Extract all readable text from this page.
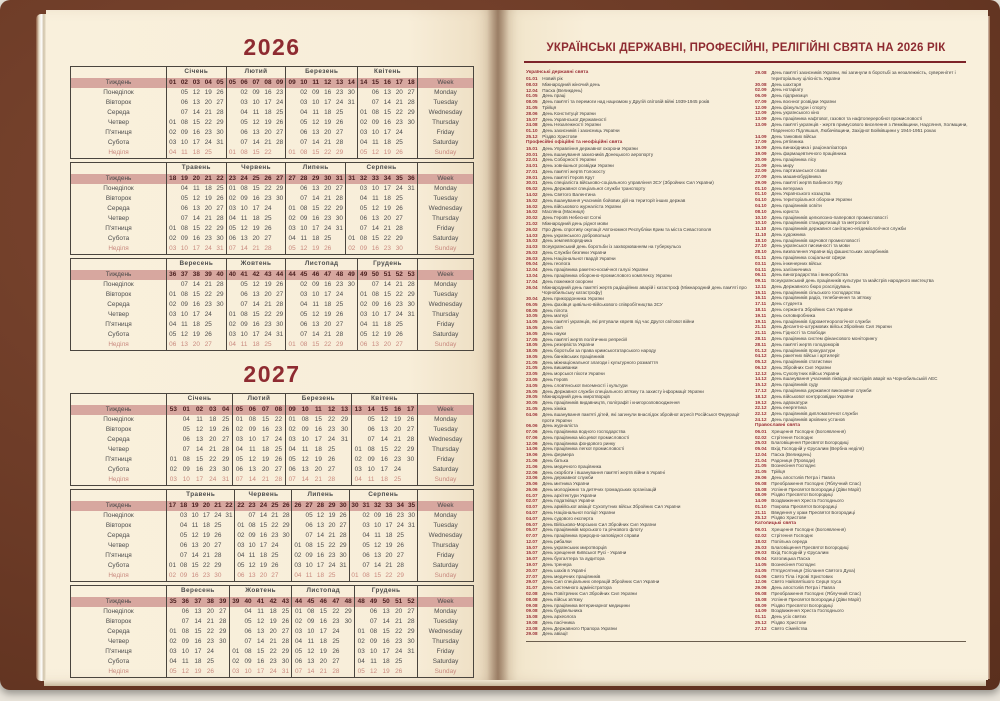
2026
	Січень					Лютий					Березень						Квітень					
Тиждень	01	02	03	04	05	05	06	07	08	09	09	10	11	12	13	14	14	15	16	17	18	Week
Понеділок		05	12	19	26		02	09	16	23		02	09	16	23	30		06	13	20	27	Monday
Вівторок		06	13	20	27		03	10	17	24		03	10	17	24	31		07	14	21	28	Tuesday
Середа		07	14	21	28		04	11	18	25		04	11	18	25		01	08	15	22	29	Wednesday
Четвер	01	08	15	22	29		05	12	19	26		05	12	19	26		02	09	16	23	30	Thursday
П'ятниця	02	09	16	23	30		06	13	20	27		06	13	20	27		03	10	17	24		Friday
Субота	03	10	17	24	31		07	14	21	28		07	14	21	28		04	11	18	25		Saturday
Неділя	04	11	18	25		01	08	15	22		01	08	15	22	29		05	12	19	26		Sunday
	Травень					Червень					Липень					Серпень						
Тиждень	18	19	20	21	22	23	24	25	26	27	27	28	29	30	31	31	32	33	34	35	36	Week
Понеділок		04	11	18	25	01	08	15	22	29		06	13	20	27		03	10	17	24	31	Monday
Вівторок		05	12	19	26	02	09	16	23	30		07	14	21	28		04	11	18	25		Tuesday
Середа		06	13	20	27	03	10	17	24		01	08	15	22	29		05	12	19	26		Wednesday
Четвер		07	14	21	28	04	11	18	25		02	09	16	23	30		06	13	20	27		Thursday
П'ятниця	01	08	15	22	29	05	12	19	26		03	10	17	24	31		07	14	21	28		Friday
Субота	02	09	16	23	30	06	13	20	27		04	11	18	25		01	08	15	22	29		Saturday
Неділя	03	10	17	24	31	07	14	21	28		05	12	19	26		02	09	16	23	30		Sunday
	Вересень					Жовтень					Листопад						Грудень					
Тиждень	36	37	38	39	40	40	41	42	43	44	44	45	46	47	48	49	49	50	51	52	53	Week
Понеділок		07	14	21	28		05	12	19	26		02	09	16	23	30		07	14	21	28	Monday
Вівторок	01	08	15	22	29		06	13	20	27		03	10	17	24		01	08	15	22	29	Tuesday
Середа	02	09	16	23	30		07	14	21	28		04	11	18	25		02	09	16	23	30	Wednesday
Четвер	03	10	17	24		01	08	15	22	29		05	12	19	26		03	10	17	24	31	Thursday
П'ятниця	04	11	18	25		02	09	16	23	30		06	13	20	27		04	11	18	25		Friday
Субота	05	12	19	26		03	10	17	24	31		07	14	21	28		05	12	19	26		Saturday
Неділя	06	13	20	27		04	11	18	25		01	08	15	22	29		06	13	20	27		Sunday
2027
	Січень					Лютий				Березень					Квітень					
Тиждень	53	01	02	03	04	05	06	07	08	09	10	11	12	13	13	14	15	16	17	Week
Понеділок		04	11	18	25	01	08	15	22	01	08	15	22	29		05	12	19	26	Monday
Вівторок		05	12	19	26	02	09	16	23	02	09	16	23	30		06	13	20	27	Tuesday
Середа		06	13	20	27	03	10	17	24	03	10	17	24	31		07	14	21	28	Wednesday
Четвер		07	14	21	28	04	11	18	25	04	11	18	25		01	08	15	22	29	Thursday
П'ятниця	01	08	15	22	29	05	12	19	26	05	12	19	26		02	09	16	23	30	Friday
Субота	02	09	16	23	30	06	13	20	27	06	13	20	27		03	10	17	24		Saturday
Неділя	03	10	17	24	31	07	14	21	28	07	14	21	28		04	11	18	25		Sunday
	Травень						Червень					Липень					Серпень						
Тиждень	17	18	19	20	21	22	22	23	24	25	26	26	27	28	29	30	30	31	32	33	34	35	Week
Понеділок		03	10	17	24	31		07	14	21	28		05	12	19	26		02	09	16	23	30	Monday
Вівторок		04	11	18	25		01	08	15	22	29		06	13	20	27		03	10	17	24	31	Tuesday
Середа		05	12	19	26		02	09	16	23	30		07	14	21	28		04	11	18	25		Wednesday
Четвер		06	13	20	27		03	10	17	24		01	08	15	22	29		05	12	19	26		Thursday
П'ятниця		07	14	21	28		04	11	18	25		02	09	16	23	30		06	13	20	27		Friday
Субота	01	08	15	22	29		05	12	19	26		03	10	17	24	31		07	14	21	28		Saturday
Неділя	02	09	16	23	30		06	13	20	27		04	11	18	25		01	08	15	22	29		Sunday
	Вересень					Жовтень					Листопад					Грудень					
Тиждень	35	36	37	38	39	39	40	41	42	43	44	45	46	47	48	48	49	50	51	52	Week
Понеділок		06	13	20	27		04	11	18	25	01	08	15	22	29		06	13	20	27	Monday
Вівторок		07	14	21	28		05	12	19	26	02	09	16	23	30		07	14	21	28	Tuesday
Середа	01	08	15	22	29		06	13	20	27	03	10	17	24		01	08	15	22	29	Wednesday
Четвер	02	09	16	23	30		07	14	21	28	04	11	18	25		02	09	16	23	30	Thursday
П'ятниця	03	10	17	24		01	08	15	22	29	05	12	19	26		03	10	17	24	31	Friday
Субота	04	11	18	25		02	09	16	23	30	06	13	20	27		04	11	18	25		Saturday
Неділя	05	12	19	26		03	10	17	24	31	07	14	21	28		05	12	19	26		Sunday
УКРАЇНСЬКІ ДЕРЖАВНІ, ПРОФЕСІЙНІ, РЕЛІГІЙНІ СВЯТА НА 2026 РІК
Українські державні свята
01.01 Новий рік
08.03 Міжнародний жіночий день
12.04 Пасха (Великдень)
01.05 День праці
08.05 День пам'яті та перемоги над нацизмом у Другій світовій війні 1939-1945 років
31.05 Трійця
28.06 День Конституції України
15.07 День Української Державності
24.08 День Незалежності України
01.10 День захисників і захисниць України
25.12 Різдво Христове
Професійні офіційні та неофіційні свята
15.01 День Управління державної охорони України
20.01 День вшанування захисників Донецького аеропорту
22.01 День Соборності України
24.01 День зовнішньої розвідки України
27.01 День пам'яті жертв Голокосту
29.01 День пам'яті Героїв Крут
30.01 День спеціаліста військово-соціального управління ЗСУ (Збройних Сил України)
05.02 День Державної спеціальної служби транспорту
14.02 День Святого Валентина
15.02 День вшанування учасників бойових дій на території інших держав
16.02 День військового журналіста України
16.02 Масляна (Масниця)
20.02 День Героїв Небесної Сотні
21.02 Міжнародний день рідної мови
26.02 Про День спротиву окупації Автономної Республіки Крим та міста Севастополя
14.03 День українського добровольця
15.03 День землевпорядника
24.03 Всеукраїнський день боротьби із захворюванням на туберкульоз
25.03 День Служби безпеки України
26.03 День Національної гвардії України
05.04 День геолога
12.04 День працівника ракетно-космічної галузі України
13.04 День працівника оборонно-промислового комплексу України
17.04 День пожежної охорони
26.04 Міжнародний день пам'яті жертв радіаційних аварій і катастроф (Міжнародний день пам'яті про Чорнобильську катастрофу)
30.04 День прикордонника України
05.05 День фахівця цивільно-військового співробітництва ЗСУ
08.05 День пілота
10.05 День матері
14.05 День пам'яті українців, які рятували євреїв під час Другої світової війни
15.05 День сім'ї
16.05 День науки
17.05 День пам'яті жертв політичних репресій
18.05 День резервіста України
18.05 День боротьби за права кримськотатарського народу
19.05 День банківських працівників
21.05 День міжнаціональної злагоди і культурного розмаїття
21.05 День вишиванки
23.05 День морської піхоти України
23.05 День Героїв
24.05 День слов'янської писемності і культури
25.05 День Державної служби спеціального зв'язку та захисту інформації України
29.05 Міжнародний день миротворців
30.05 День працівників видавництв, поліграфії і книгорозповсюдження
31.05 День хіміка
04.06 День вшанування пам'яті дітей, які загинули внаслідок збройної агресії Російської Федерації проти України
06.06 День журналіста
07.06 День працівника водного господарства
07.06 День працівника місцевої промисловості
12.06 День працівника фондового ринку
14.06 День працівника легкої промисловості
19.06 День фермера
21.06 День батька
21.06 День медичного працівника
22.06 День скорботи і вшанування пам'яті жертв війни в Україні
23.06 День державної служби
25.06 День митника України
26.06 День молодіжних та дитячих громадських організацій
01.07 День архітектури України
02.07 День податківця України
03.07 День армійської авіації Сухопутних військ Збройних Сил України
04.07 День Національної поліції України
04.07 День судового експерта
05.07 День Військово-Морських Сил Збройних Сил України
05.07 День працівників морського та річкового флоту
07.07 День працівника природно-заповідної справи
12.07 День рибалки
15.07 День українських миротворців
15.07 День хрещення Київської Русі - України
16.07 День бухгалтера та аудитора
19.07 День тренера
20.07 День шахів в Україні
27.07 День медичних працівників
29.07 День Сил спеціальних операцій Збройних Сил України
31.07 День системного адміністратора
02.08 День Повітряних Сил Збройних Сил України
08.08 День військ зв'язку
09.08 День працівника ветеринарної медицини
09.08 День будівельника
15.08 День археолога
19.08 День пасічника
23.08 День Державного Прапора України
29.08 День авіації
29.08 День пам'яті захисників України, які загинули в боротьбі за незалежність, суверенітет і територіальну цілісність України
30.08 День шахтаря
02.09 День нотаріату
06.09 День підприємця
07.09 День воєнної розвідки України
12.09 День фізкультури і спорту
12.09 День українського кіно
13.09 День працівника нафтової, газової та нафтопереробної промисловості
13.09 День пам'яті українців - жертв примусового виселення з Лемківщини, Надсяння, Холмщини, Південного Підляшшя, Любачівщини, Західної Бойківщини у 1944-1951 роках
14.09 День танкових військ
17.09 День рятівника
19.09 День винахідника і раціоналізатора
19.09 День фармацевтичного працівника
20.09 День працівника лісу
21.09 День миру
22.09 День партизанської слави
27.09 День машинобудівника
29.09 День пам'яті жертв Бабиного Яру
01.10 День ветерана
01.10 День Українського козацтва
04.10 День територіальної оборони України
04.10 День працівників освіти
08.10 День юриста
10.10 День працівників целюлозно-паперової промисловості
10.10 День працівників стандартизації та метрології
11.10 День працівників державної санітарно-епідеміологічної служби
11.10 День художника
18.10 День працівників харчової промисловості
27.10 День української писемності та мови
28.10 День визволення України від фашистських загарбників
01.11 День працівника соціальної сфери
03.11 День інженерних військ
04.11 День залізничника
06.11 День виноградарства і виноробства
09.11 Всеукраїнський день працівників культури та майстрів народного мистецтва
12.11 День Державного бюро розслідувань
15.11 День працівників сільського господарства
16.11 День працівників радіо, телебачення та зв'язку
17.11 День студента
18.11 День сержанта Збройних Сил України
19.11 День скловиробника
19.11 День працівників гідрометеорологічної служби
21.11 День Десантно-штурмових військ Збройних Сил України
21.11 День Гідності та Свободи
28.11 День працівника систем фінансового моніторингу
28.11 День пам'яті жертв голодоморів
01.12 День працівників прокуратури
04.12 День ракетних військ і артилерії
05.12 День працівників статистики
06.12 День Збройних Сил України
12.12 День Сухопутних військ України
14.12 День вшанування учасників ліквідації наслідків аварії на Чорнобильській АЕС
15.12 День працівників суду
17.12 День працівника державної виконавчої служби
18.12 День військової контррозвідки України
19.12 День адвокатури
22.12 День енергетика
22.12 День працівників дипломатичної служби
24.12 День працівників архівних установ
Православні свята
06.01 Хрещення Господнє (Богоявлення)
02.02 Стрітення Господнє
25.03 Благовіщення Пресвятої Богородиці
05.04 Вхід Господній у Єрусалим (Вербна неділя)
12.04 Пасха (Великдень)
21.04 Радониця (Проводи)
21.05 Вознесіння Господнє
31.05 Трійця
29.06 День апостолів Петра і Павла
06.08 Преображення Господнє (Яблучний Спас)
15.08 Успіння Пресвятої Богородиці (Діви Марії)
08.09 Різдво Пресвятої Богородиці
14.09 Воздвиження Хреста Господнього
01.10 Покрова Пресвятої Богородиці
21.11 Введення у храм Пресвятої Богородиці
25.12 Різдво Христове
Католицькі свята
06.01 Хрещення Господнє (Богоявлення)
02.02 Стрітення Господнє
18.02 Попільна середа
25.03 Благовіщення Пресвятої Богородиці
29.03 Вхід Господній у Єрусалим
05.04 Католицька Пасха
14.05 Вознесіння Господнє
24.05 П'ятдесятниця (Зіслання Святого Духа)
04.06 Свято Тіла і Крові Христових
12.06 Свято Найсвятішого Серця Ісуса
29.06 День апостолів Петра і Павла
06.08 Преображення Господнє (Яблучний Спас)
15.08 Успіння Пресвятої Богородиці (Діви Марії)
08.09 Різдво Пресвятої Богородиці
14.09 Воздвиження Хреста Господнього
01.11 День усіх святих
25.12 Різдво Христове
27.12 Свято Сімейства
